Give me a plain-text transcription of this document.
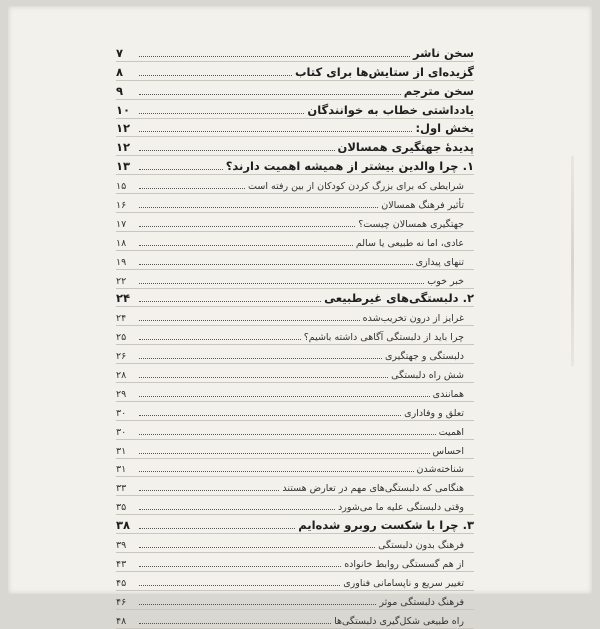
سخن ناشر
۷
گزیده‌ای از ستایش‌ها برای کتاب
۸
سخن مترجم
۹
یادداشتی خطاب به خوانندگان
۱۰
بخش اول:
۱۲
پدیدهٔ جهتگیری همسالان
۱۲
۱. چرا والدین بیشتر از همیشه اهمیت دارند؟
۱۳
شرایطی که برای بزرگ کردن کودکان از بین رفته است
۱۵
تأثیر فرهنگ همسالان
۱۶
جهتگیری همسالان چیست؟
۱۷
عادی، اما نه طبیعی یا سالم
۱۸
تنهای پیدازی
۱۹
خبر خوب
۲۲
۲. دلبستگی‌های غیرطبیعی
۲۴
غرایز از درون تخریب‌شده
۲۴
چرا باید از دلبستگی آگاهی داشته باشیم؟
۲۵
دلبستگی و جهتگیری
۲۶
شش راه دلبستگی
۲۸
همانندی
۲۹
تعلق و وفاداری
۳۰
اهمیت
۳۰
احساس
۳۱
شناخته‌شدن
۳۱
هنگامی که دلبستگی‌های مهم در تعارض هستند
۳۳
وقتی دلبستگی علیه ما می‌شورد
۳۵
۳. چرا با شکست روبرو شده‌ایم
۳۸
فرهنگ بدون دلبستگی
۳۹
از هم گسستگی روابط خانواده
۴۳
تغییر سریع و ناپسامانی فناوری
۴۵
فرهنگ دلبستگی موثر
۴۶
راه طبیعی شکل‌گیری دلبستگی‌ها
۴۸
